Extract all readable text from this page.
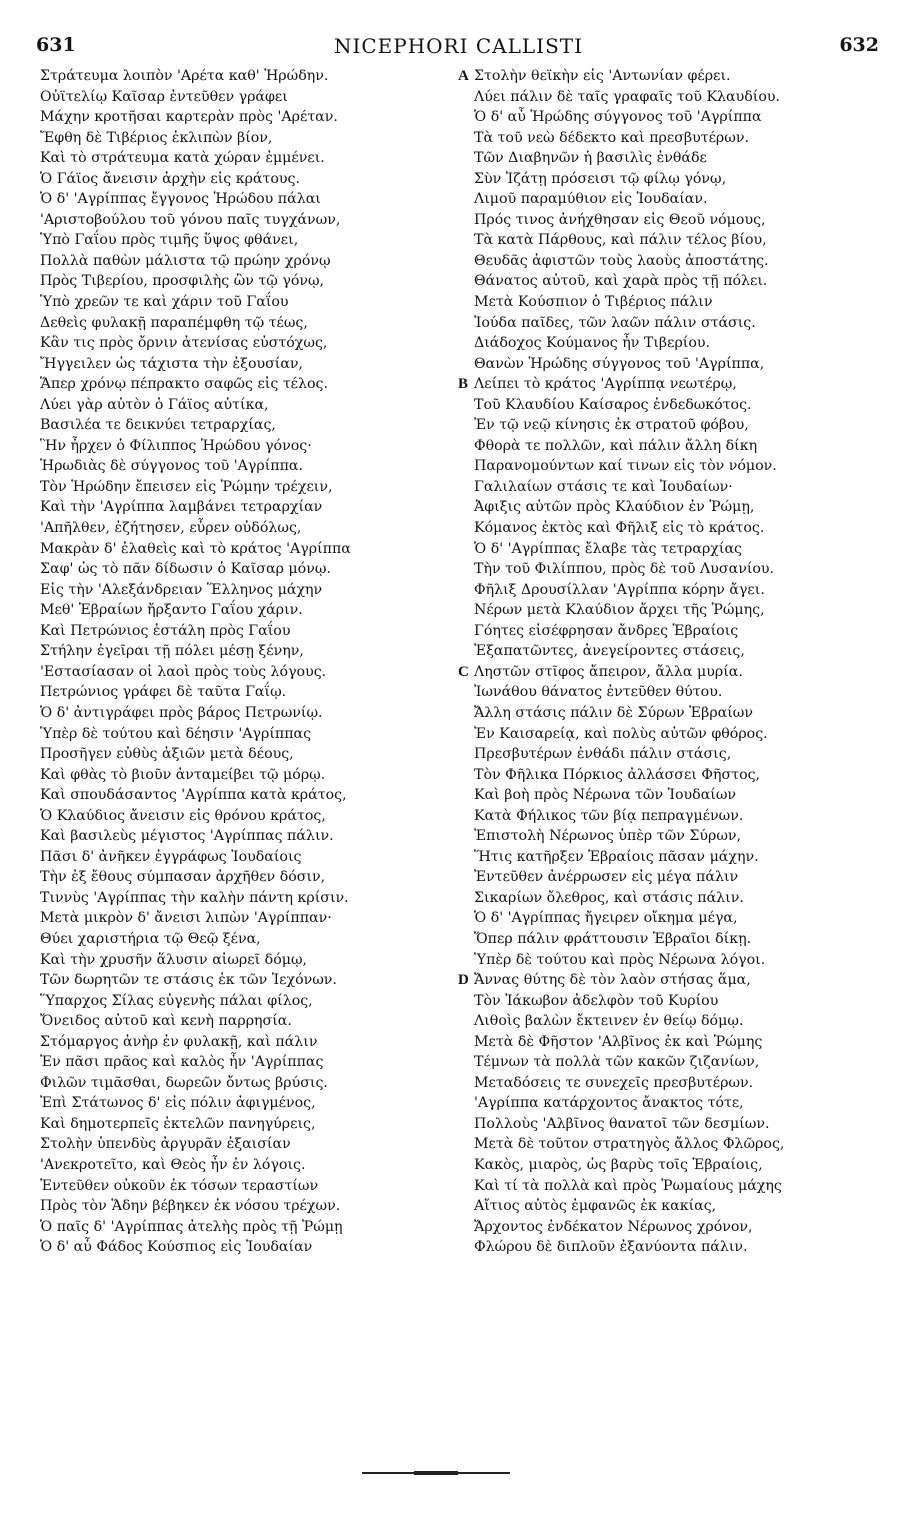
631	NICEPHORI CALLISTI	632
Στράτευμα λοιπὸν 'Αρέτα καθ' Ἡρώδην.
Οὐϊτελίῳ Καῖσαρ ἐντεῦθεν γράφει
Μάχην κροτῆσαι καρτερὰν πρὸς 'Αρέταν.
Ἔφθη δὲ Τιβέριος ἐκλιπὼν βίον,
Καὶ τὸ στράτευμα κατὰ χώραν ἐμμένει.
Ὁ Γάϊος ἄνεισιν ἀρχὴν εἰς κράτους.
Ὁ δ' 'Αγρίππας ἔγγονος Ἡρώδου πάλαι
'Αριστοβούλου τοῦ γόνου παῖς τυγχάνων,
Ὑπὸ Γαΐου πρὸς τιμῆς ὕψος φθάνει,
Πολλὰ παθὼν μάλιστα τῷ πρώην χρόνῳ
Πρὸς Τιβερίου, προσφιλὴς ὢν τῷ γόνῳ,
Ὑπὸ χρεῶν τε καὶ χάριν τοῦ Γαΐου
Δεθεὶς φυλακῇ παραπέμφθη τῷ τέως,
Κἂν τις πρὸς ὄρνιν ἀτενίσας εὐστόχως,
Ἤγγειλεν ὡς τάχιστα τὴν ἐξουσίαν,
Ἅπερ χρόνῳ πέπρακτο σαφῶς εἰς τέλος.
Λύει γὰρ αὐτὸν ὁ Γάϊος αὐτίκα,
Βασιλέα τε δεικνύει τετραρχίας,
Ἣν ἦρχεν ὁ Φίλιππος Ἡρώδου γόνος·
Ἡρωδιὰς δὲ σύγγονος τοῦ 'Αγρίππα.
Τὸν Ἡρώδην ἔπεισεν εἰς Ῥώμην τρέχειν,
Καὶ τὴν 'Αγρίππα λαμβάνει τετραρχίαν
'Απῆλθεν, ἐζήτησεν, εὗρεν οὐδόλως,
Μακρὰν δ' ἐλαθεὶς καὶ τὸ κράτος 'Αγρίππα
Σαφ' ὡς τὸ πᾶν δίδωσιν ὁ Καῖσαρ μόνῳ.
Εἰς τὴν 'Αλεξάνδρειαν Ἕλληνος μάχην
Μεθ' Ἑβραίων ἤρξαντο Γαΐου χάριν.
Καὶ Πετρώνιος ἐστάλη πρὸς Γαΐου
Στήλην ἐγεῖραι τῇ πόλει μέσῃ ξένην,
'Εστασίασαν οἱ λαοὶ πρὸς τοὺς λόγους.
Πετρώνιος γράφει δὲ ταῦτα Γαΐῳ.
Ὁ δ' ἀντιγράφει πρὸς βάρος Πετρωνίῳ.
Ὑπὲρ δὲ τούτου καὶ δέησιν 'Αγρίππας
Προσῆγεν εὐθὺς ἀξιῶν μετὰ δέους,
Καὶ φθὰς τὸ βιοῦν ἀνταμείβει τῷ μόρῳ.
Καὶ σπουδάσαντος 'Αγρίππα κατὰ κράτος,
Ὁ Κλαύδιος ἄνεισιν εἰς θρόνου κράτος,
Καὶ βασιλεὺς μέγιστος 'Αγρίππας πάλιν.
Πᾶσι δ' ἀνῆκεν ἐγγράφως Ἰουδαίοις
Τὴν ἐξ ἔθους σύμπασαν ἀρχῆθεν δόσιν,
Τιννὺς 'Αγρίππας τὴν καλὴν πάντη κρίσιν.
Μετὰ μικρὸν δ' ἄνεισι λιπὼν 'Αγρίππαν·
Θύει χαριστήρια τῷ Θεῷ ξένα,
Καὶ τὴν χρυσῆν ἅλυσιν αἰωρεῖ δόμῳ,
Τῶν δωρητῶν τε στάσις ἐκ τῶν Ἰεχόνων.
Ὕπαρχος Σίλας εὐγενὴς πάλαι φίλος,
Ὄνειδος αὐτοῦ καὶ κενὴ παρρησία.
Στόμαργος ἀνὴρ ἐν φυλακῇ, καὶ πάλιν
Ἐν πᾶσι πρᾶος καὶ καλὸς ἦν 'Αγρίππας
Φιλῶν τιμᾶσθαι, δωρεῶν ὄντως βρύσις.
Ἐπὶ Στάτωνος δ' εἰς πόλιν ἀφιγμένος,
Καὶ δημοτερπεῖς ἐκτελῶν πανηγύρεις,
Στολὴν ὑπενδὺς ἀργυρᾶν ἐξαισίαν
'Ανεκροτεῖτο, καὶ Θεὸς ἦν ἐν λόγοις.
Ἐντεῦθεν οὐκοῦν ἐκ τόσων τεραστίων
Πρὸς τὸν Ἅδην βέβηκεν ἐκ νόσου τρέχων.
Ὁ παῖς δ' 'Αγρίππας ἀτελὴς πρὸς τῇ Ῥώμῃ
Ὁ δ' αὖ Φάδος Κούσπιος εἰς Ἰουδαίαν
A Στολὴν θεϊκὴν εἰς 'Αντωνίαν φέρει.
Λύει πάλιν δὲ ταῖς γραφαῖς τοῦ Κλαυδίου.
Ὁ δ' αὖ Ἡρώδης σύγγονος τοῦ 'Αγρίππα
Τὰ τοῦ νεὼ δέδεκτο καὶ πρεσβυτέρων.
Τῶν Διαβηνῶν ἡ βασιλὶς ἐνθάδε
Σὺν Ἰζάτῃ πρόσεισι τῷ φίλῳ γόνῳ,
Λιμοῦ παραμύθιον εἰς Ἰουδαίαν.
Πρός τινος ἀνήχθησαν εἰς Θεοῦ νόμους,
Τὰ κατὰ Πάρθους, καὶ πάλιν τέλος βίου,
Θευδᾶς ἀφιστῶν τοὺς λαοὺς ἀποστάτης.
Θάνατος αὐτοῦ, καὶ χαρὰ πρὸς τῇ πόλει.
Μετὰ Κούσπιον ὁ Τιβέριος πάλιν
Ἰούδα παῖδες, τῶν λαῶν πάλιν στάσις.
Διάδοχος Κούμανος ἦν Τιβερίου.
Θανὼν Ἡρώδης σύγγονος τοῦ 'Αγρίππα,
B Λείπει τὸ κράτος 'Αγρίππᾳ νεωτέρῳ,
Τοῦ Κλαυδίου Καίσαρος ἐνδεδωκότος.
Ἐν τῷ νεῷ κίνησις ἐκ στρατοῦ φόβου,
Φθορὰ τε πολλῶν, καὶ πάλιν ἄλλη δίκη
Παρανομούντων καί τινων εἰς τὸν νόμον.
Γαλιλαίων στάσις τε καὶ Ἰουδαίων·
Ἀφιξις αὐτῶν πρὸς Κλαύδιον ἐν Ῥώμῃ,
Κόμανος ἐκτὸς καὶ Φῆλιξ εἰς τὸ κράτος.
Ὁ δ' 'Αγρίππας ἔλαβε τὰς τετραρχίας
Τὴν τοῦ Φιλίππου, πρὸς δὲ τοῦ Λυσανίου.
Φῆλιξ Δρουσίλλαν 'Αγρίππα κόρην ἄγει.
Νέρων μετὰ Κλαύδιον ἄρχει τῆς Ῥώμης,
Γόητες εἰσέφρησαν ἄνδρες Ἑβραίοις
Ἐξαπατῶντες, ἀνεγείροντες στάσεις,
C Ληστῶν στῖφος ἄπειρον, ἄλλα μυρία.
Ἰωνάθου θάνατος ἐντεῦθεν θύτου.
Ἄλλη στάσις πάλιν δὲ Σύρων Ἑβραίων
Ἐν Καισαρείᾳ, καὶ πολὺς αὐτῶν φθόρος.
Πρεσβυτέρων ἐνθάδι πάλιν στάσις,
Τὸν Φῆλικα Πόρκιος ἀλλάσσει Φῆστος,
Καὶ βοὴ πρὸς Νέρωνα τῶν Ἰουδαίων
Κατὰ Φήλικος τῶν βίᾳ πεπραγμένων.
Ἐπιστολὴ Νέρωνος ὑπὲρ τῶν Σύρων,
Ἥτις κατῆρξεν Ἑβραίοις πᾶσαν μάχην.
Ἐντεῦθεν ἀνέρρωσεν εἰς μέγα πάλιν
Σικαρίων ὄλεθρος, καὶ στάσις πάλιν.
Ὁ δ' 'Αγρίππας ἤγειρεν οἴκημα μέγα,
Ὅπερ πάλιν φράττουσιν Ἑβραῖοι δίκῃ.
Ὑπὲρ δὲ τούτου καὶ πρὸς Νέρωνα λόγοι.
D Ἄννας θύτης δὲ τὸν λαὸν στήσας ἅμα,
Τὸν Ἰάκωβον ἀδελφὸν τοῦ Κυρίου
Λιθοὶς βαλὼν ἔκτεινεν ἐν θείῳ δόμῳ.
Μετὰ δὲ Φῆστον 'Αλβῖνος ἐκ καὶ Ῥώμης
Τέμνων τὰ πολλὰ τῶν κακῶν ζιζανίων,
Μεταδόσεις τε συνεχεῖς πρεσβυτέρων.
'Αγρίππα κατάρχοντος ἄνακτος τότε,
Πολλοὺς 'Αλβῖνος θανατοῖ τῶν δεσμίων.
Μετὰ δὲ τοῦτον στρατηγὸς ἄλλος Φλῶρος,
Κακὸς, μιαρὸς, ὡς βαρὺς τοῖς Ἑβραίοις,
Καὶ τί τὰ πολλὰ καὶ πρὸς Ῥωμαίους μάχης
Αἴτιος αὐτὸς ἐμφανῶς ἐκ κακίας,
Ἄρχοντος ἐνδέκατον Νέρωνος χρόνον,
Φλώρου δὲ διπλοῦν ἐξανύοντα πάλιν.
